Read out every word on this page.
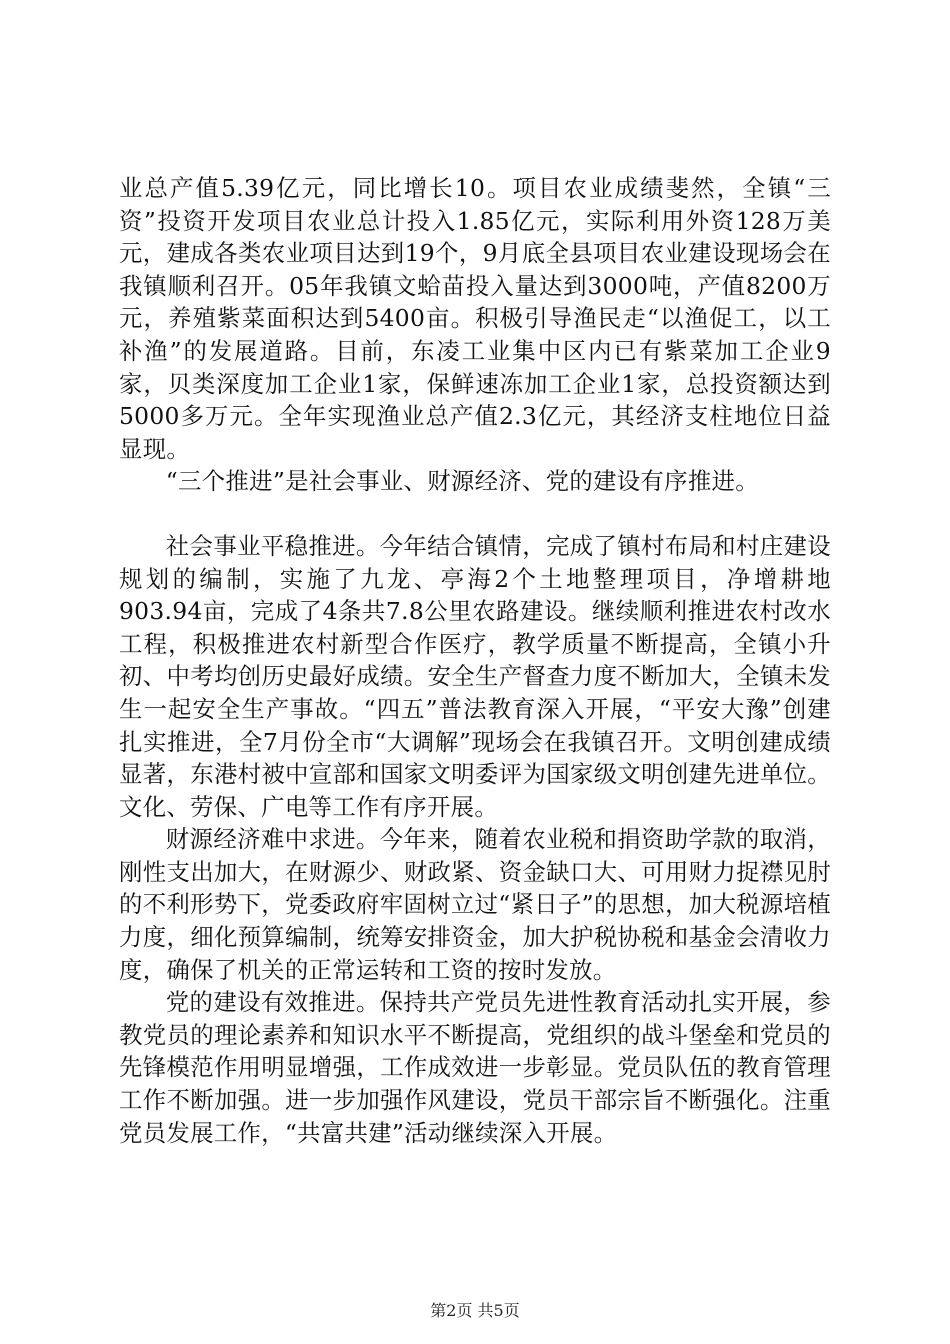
业总产值5.39亿元，同比增长10。项目农业成绩斐然，全镇“三资”投资开发项目农业总计投入1.85亿元，实际利用外资128万美元，建成各类农业项目达到19个，9月底全县项目农业建设现场会在我镇顺利召开。05年我镇文蛤苗投入量达到3000吨，产值8200万元，养殖紫菜面积达到5400亩。积极引导渔民走“以渔促工，以工补渔”的发展道路。目前，东凌工业集中区内已有紫菜加工企业9家，贝类深度加工企业1家，保鲜速冻加工企业1家，总投资额达到5000多万元。全年实现渔业总产值2.3亿元，其经济支柱地位日益显现。

“三个推进”是社会事业、财源经济、党的建设有序推进。

社会事业平稳推进。今年结合镇情，完成了镇村布局和村庄建设规划的编制，实施了九龙、亭海2个土地整理项目，净增耕地903.94亩，完成了4条共7.8公里农路建设。继续顺利推进农村改水工程，积极推进农村新型合作医疗，教学质量不断提高，全镇小升初、中考均创历史最好成绩。安全生产督查力度不断加大，全镇未发生一起安全生产事故。“四五”普法教育深入开展，“平安大豫”创建扎实推进，全7月份全市“大调解”现场会在我镇召开。文明创建成绩显著，东港村被中宣部和国家文明委评为国家级文明创建先进单位。文化、劳保、广电等工作有序开展。

财源经济难中求进。今年来，随着农业税和捐资助学款的取消，刚性支出加大，在财源少、财政紧、资金缺口大、可用财力捉襟见肘的不利形势下，党委政府牢固树立过“紧日子”的思想，加大税源培植力度，细化预算编制，统筹安排资金，加大护税协税和基金会清收力度，确保了机关的正常运转和工资的按时发放。

党的建设有效推进。保持共产党员先进性教育活动扎实开展，参教党员的理论素养和知识水平不断提高，党组织的战斗堡垒和党员的先锋模范作用明显增强，工作成效进一步彰显。党员队伍的教育管理工作不断加强。进一步加强作风建设，党员干部宗旨不断强化。注重党员发展工作，“共富共建”活动继续深入开展。

第2页 共5页
